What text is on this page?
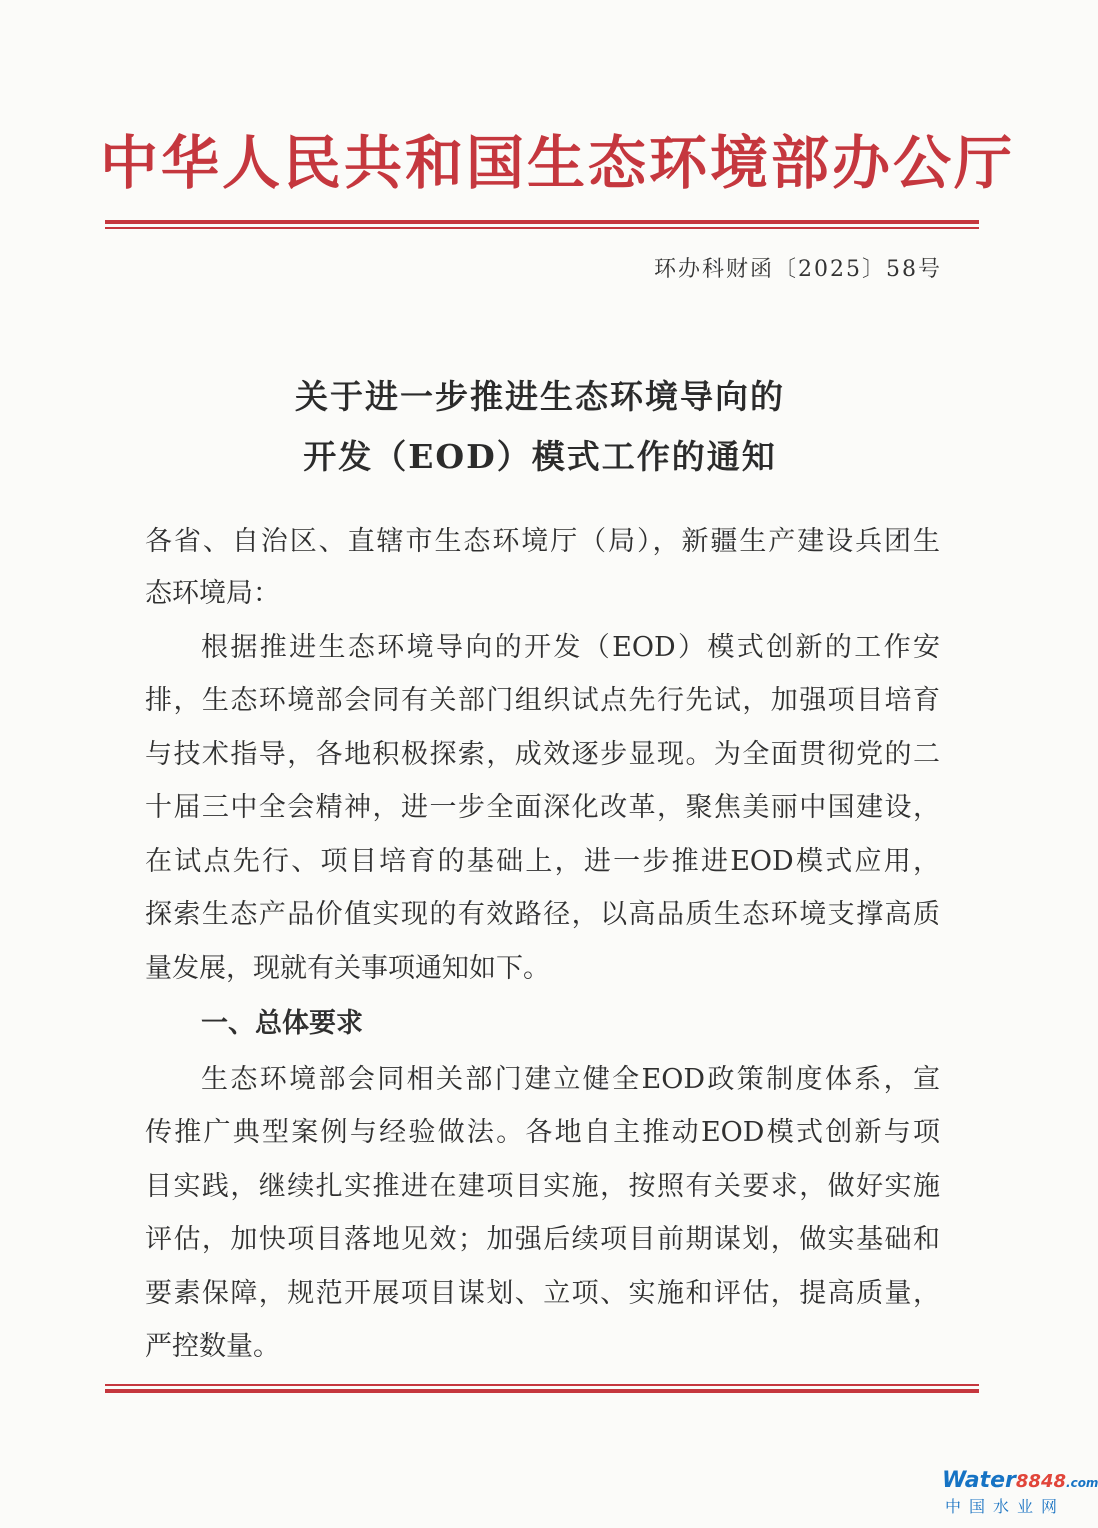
中华人民共和国生态环境部办公厅
环办科财函〔2025〕58号
关于进一步推进生态环境导向的
开发（EOD）模式工作的通知
各省、自治区、直辖市生态环境厅（局），新疆生产建设兵团生
态环境局：
根据推进生态环境导向的开发（EOD）模式创新的工作安
排，生态环境部会同有关部门组织试点先行先试，加强项目培育
与技术指导，各地积极探索，成效逐步显现。为全面贯彻党的二
十届三中全会精神，进一步全面深化改革，聚焦美丽中国建设，
在试点先行、项目培育的基础上，进一步推进EOD模式应用，
探索生态产品价值实现的有效路径，以高品质生态环境支撑高质
量发展，现就有关事项通知如下。
一、总体要求
生态环境部会同相关部门建立健全EOD政策制度体系，宣
传推广典型案例与经验做法。各地自主推动EOD模式创新与项
目实践，继续扎实推进在建项目实施，按照有关要求，做好实施
评估，加快项目落地见效；加强后续项目前期谋划，做实基础和
要素保障，规范开展项目谋划、立项、实施和评估，提高质量，
严控数量。
Water8848.com
中国水业网
